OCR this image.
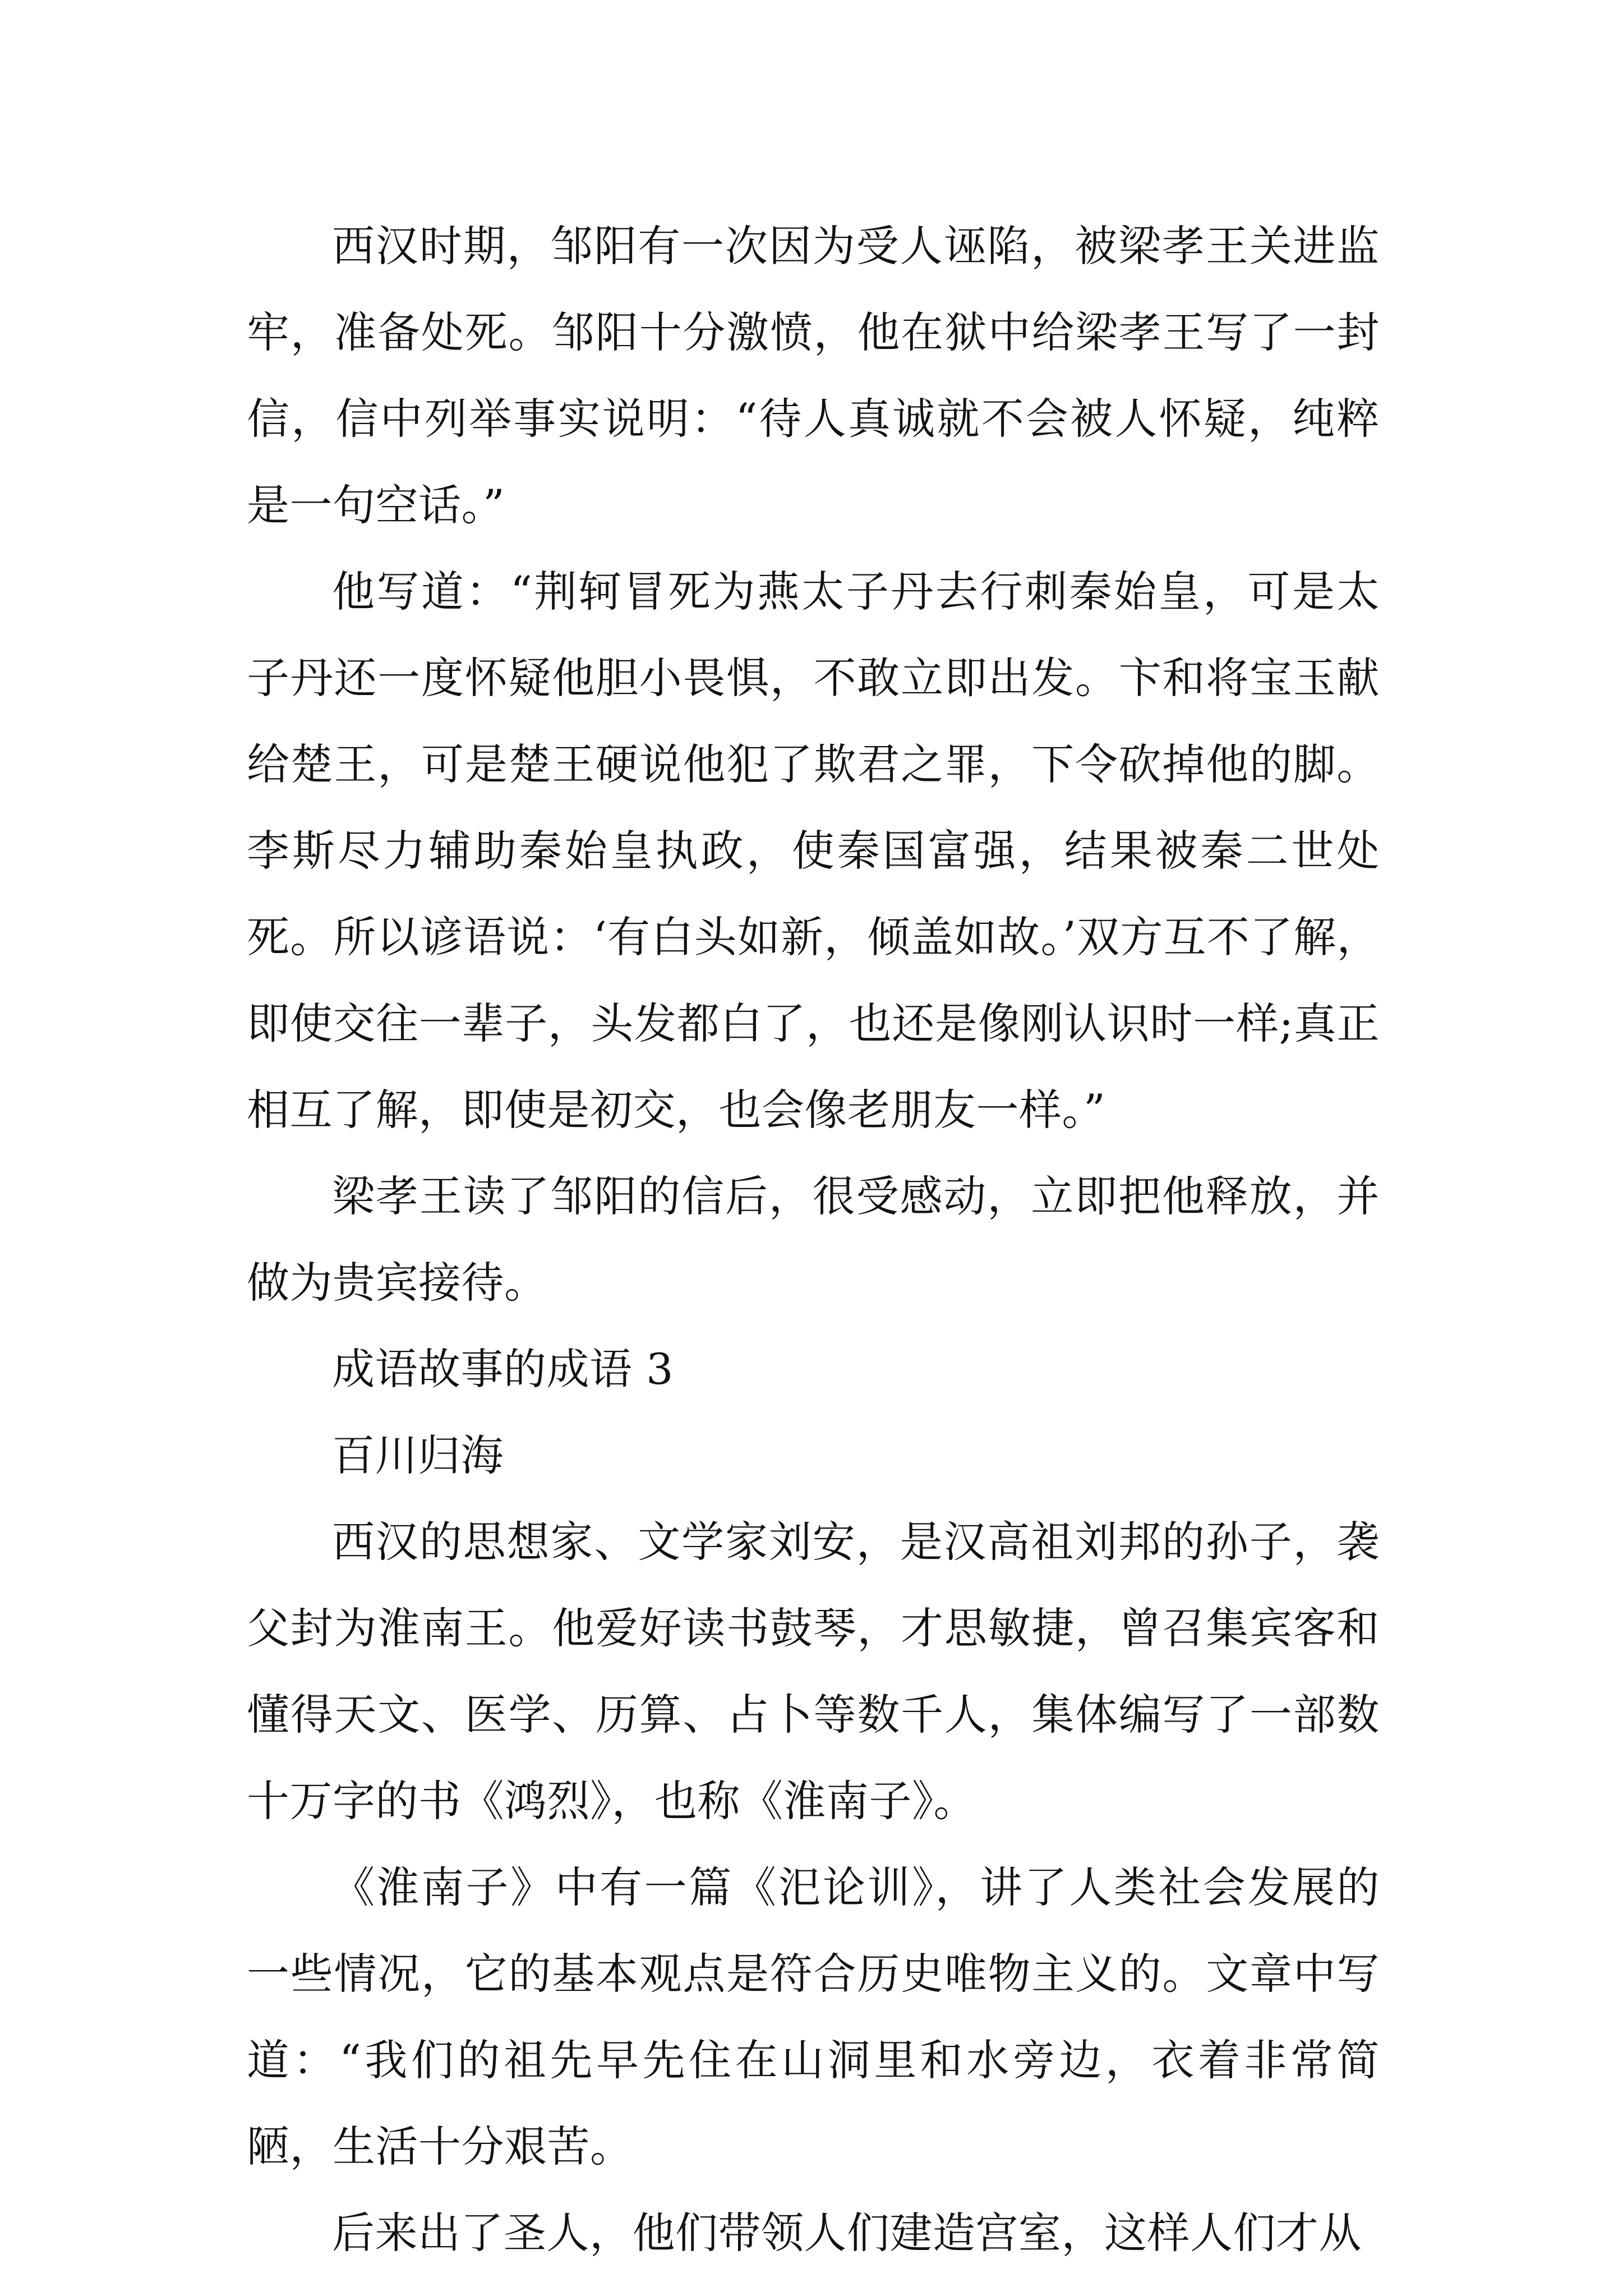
西汉时期，邹阳有一次因为受人诬陷，被梁孝王关进监牢，准备处死。邹阳十分激愤，他在狱中给梁孝王写了一封信，信中列举事实说明：“待人真诚就不会被人怀疑，纯粹是一句空话。”

他写道：“荆轲冒死为燕太子丹去行刺秦始皇，可是太子丹还一度怀疑他胆小畏惧，不敢立即出发。卞和将宝玉献给楚王，可是楚王硬说他犯了欺君之罪，下令砍掉他的脚。李斯尽力辅助秦始皇执政，使秦国富强，结果被秦二世处死。所以谚语说：‘有白头如新，倾盖如故。’双方互不了解，即使交往一辈子，头发都白了，也还是像刚认识时一样;真正相互了解，即使是初交，也会像老朋友一样。”

梁孝王读了邹阳的信后，很受感动，立即把他释放，并做为贵宾接待。

成语故事的成语 3

百川归海

西汉的思想家、文学家刘安，是汉高祖刘邦的孙子，袭父封为淮南王。他爱好读书鼓琴，才思敏捷，曾召集宾客和懂得天文、医学、历算、占卜等数千人，集体编写了一部数十万字的书《鸿烈》，也称《淮南子》。

《淮南子》中有一篇《汜论训》，讲了人类社会发展的一些情况，它的基本观点是符合历史唯物主义的。文章中写道：“我们的祖先早先住在山洞里和水旁边，衣着非常简陋，生活十分艰苦。

后来出了圣人，他们带领人们建造宫室，这样人们才从
